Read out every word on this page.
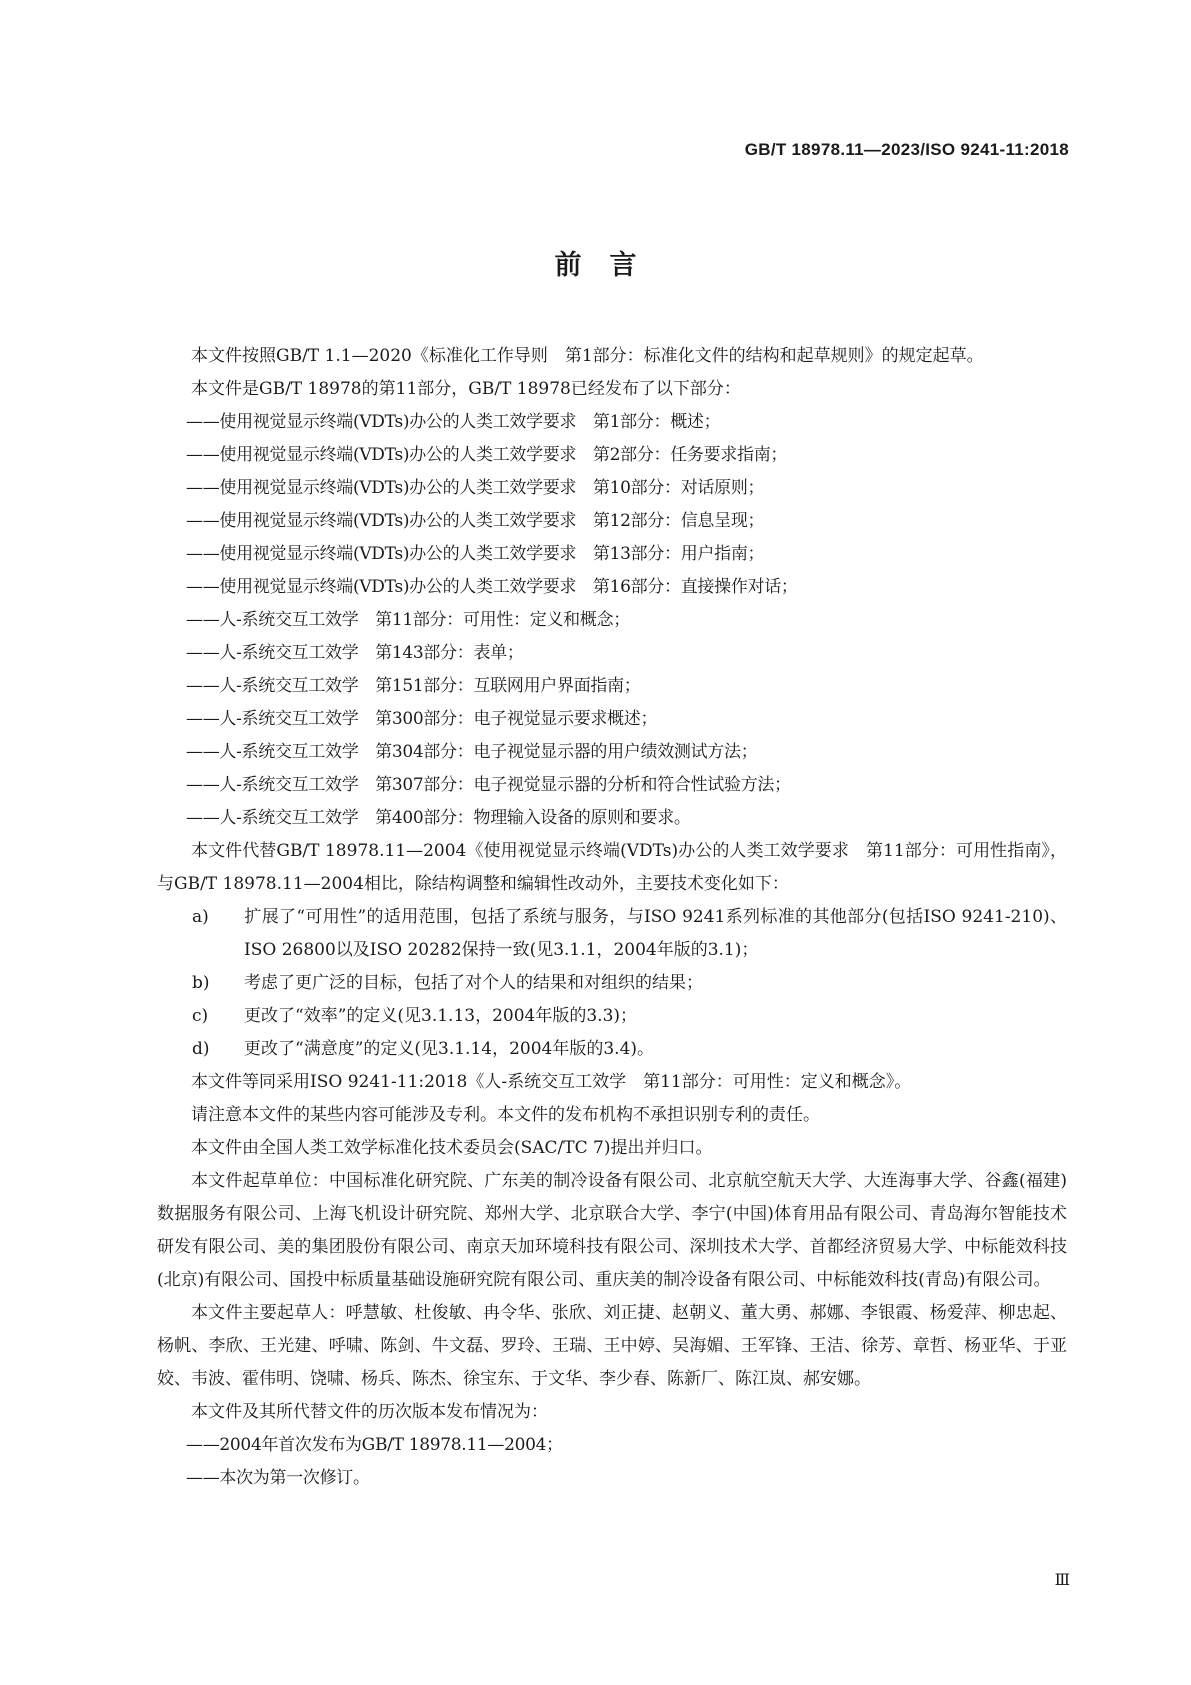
GB/T 18978.11—2023/ISO 9241-11:2018
前言

本文件按照GB/T 1.1—2020《标准化工作导则　第1部分：标准化文件的结构和起草规则》的规定起草。

本文件是GB/T 18978的第11部分，GB/T 18978已经发布了以下部分：

——使用视觉显示终端(VDTs)办公的人类工效学要求　第1部分：概述；

——使用视觉显示终端(VDTs)办公的人类工效学要求　第2部分：任务要求指南；

——使用视觉显示终端(VDTs)办公的人类工效学要求　第10部分：对话原则；

——使用视觉显示终端(VDTs)办公的人类工效学要求　第12部分：信息呈现；

——使用视觉显示终端(VDTs)办公的人类工效学要求　第13部分：用户指南；

——使用视觉显示终端(VDTs)办公的人类工效学要求　第16部分：直接操作对话；

——人-系统交互工效学　第11部分：可用性：定义和概念；

——人-系统交互工效学　第143部分：表单；

——人-系统交互工效学　第151部分：互联网用户界面指南；

——人-系统交互工效学　第300部分：电子视觉显示要求概述；

——人-系统交互工效学　第304部分：电子视觉显示器的用户绩效测试方法；

——人-系统交互工效学　第307部分：电子视觉显示器的分析和符合性试验方法；

——人-系统交互工效学　第400部分：物理输入设备的原则和要求。

本文件代替GB/T 18978.11—2004《使用视觉显示终端(VDTs)办公的人类工效学要求　第11部分：可用性指南》，与GB/T 18978.11—2004相比，除结构调整和编辑性改动外，主要技术变化如下：

a) 扩展了“可用性”的适用范围，包括了系统与服务，与ISO 9241系列标准的其他部分(包括ISO 9241-210)、ISO 26800以及ISO 20282保持一致(见3.1.1，2004年版的3.1)；

b) 考虑了更广泛的目标，包括了对个人的结果和对组织的结果；

c) 更改了“效率”的定义(见3.1.13，2004年版的3.3)；

d) 更改了“满意度”的定义(见3.1.14，2004年版的3.4)。

本文件等同采用ISO 9241-11:2018《人-系统交互工效学　第11部分：可用性：定义和概念》。

请注意本文件的某些内容可能涉及专利。本文件的发布机构不承担识别专利的责任。

本文件由全国人类工效学标准化技术委员会(SAC/TC 7)提出并归口。

本文件起草单位：中国标准化研究院、广东美的制冷设备有限公司、北京航空航天大学、大连海事大学、谷鑫(福建)数据服务有限公司、上海飞机设计研究院、郑州大学、北京联合大学、李宁(中国)体育用品有限公司、青岛海尔智能技术研发有限公司、美的集团股份有限公司、南京天加环境科技有限公司、深圳技术大学、首都经济贸易大学、中标能效科技(北京)有限公司、国投中标质量基础设施研究院有限公司、重庆美的制冷设备有限公司、中标能效科技(青岛)有限公司。

本文件主要起草人：呼慧敏、杜俊敏、冉令华、张欣、刘正捷、赵朝义、董大勇、郝娜、李银霞、杨爱萍、柳忠起、杨帆、李欣、王光建、呼啸、陈剑、牛文磊、罗玲、王瑞、王中婷、吴海媚、王军锋、王洁、徐芳、章哲、杨亚华、于亚姣、韦波、霍伟明、饶啸、杨兵、陈杰、徐宝东、于文华、李少春、陈新厂、陈江岚、郝安娜。

本文件及其所代替文件的历次版本发布情况为：

——2004年首次发布为GB/T 18978.11—2004；

——本次为第一次修订。

Ⅲ
